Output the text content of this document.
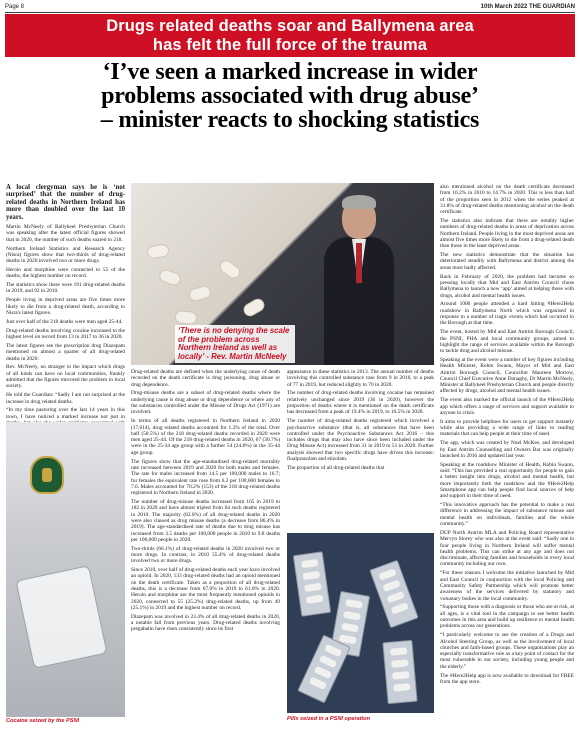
Page 8	10th March 2022 THE GUARDIAN
Drugs related deaths soar and Ballymena area
has felt the full force of the trauma
‘I’ve seen a marked increase in wider
problems associated with drug abuse’
– minister reacts to shocking statistics

A local clergyman says he is ‘not surprised’ that the number of drug-related deaths in Northern Ireland has more than doubled over the last 10 years.

Martin McNeely of Ballykeel Presbyterian Church was speaking after the latest official figures showed that in 2020, the number of such deaths soared to 218.

Northern Ireland Statistics and Research Agency (Nisra) figures show that two-thirds of drug-related deaths in 2020 involved two or more drugs.

Heroin and morphine were connected to 55 of the deaths, the highest number on record.

The statistics show there were 191 drug-related deaths in 2019, and 92 in 2010.

People living in deprived areas are five times more likely to die from a drug-related death, according to Nisra's latest figures.

Just over half of the 218 deaths were men aged 25-44.

Drug-related deaths involving cocaine increased to the highest level on record from 13 in 2017 to 36 in 2020.

The latest figures see the prescription drug Diazepam mentioned on almost a quarter of all drug-related deaths in 2020.

Rev. McNeely, no stranger to the impact which drugs of all kinds can have on local communities, frankly admitted that the figures mirrored the problem in local society.

He told the Guardian: “Sadly I am not surprised at the increase in drug related deaths.

“In my time pastoring over the last 14 years in this town, I have noticed a marked increase not just in

‘There is no denying the scale of the problem across Northern Ireland as well as locally’ - Rev. Martin McNeely

Drug-related deaths are defined when the underlying cause of death recorded on the death certificate is drug poisoning, drug abuse or drug dependence.

Drug-misuse deaths are a subset of drug-related deaths where the underlying cause is drug abuse or drug dependence or where any of the substances controlled under the Misuse of Drugs Act (1971) are involved.

In terms of all deaths registered in Northern Ireland in 2020 (17,614), drug related deaths accounted for 1.2% of the total. Over half (58.5%) of the 218 drug-related deaths recorded in 2020 were men aged 25-44. Of the 218 drug-related deaths in 2020, 67 (30.7%) were in the 25-34 age group with a further 54 (24.8%) in the 35-44 age group.

The figures show that the age-standardised drug-related mortality rate increased between 2019 and 2020 for both males and females. The rate for males increased from 14.5 per 100,000 males to 16.7; for females the equivalent rate rose from 6.2 per 100,000 females to 7.6. Males accounted for 70.2% (153) of the 218 drug-related deaths registered in Northern Ireland in 2020.

The number of drug-misuse deaths increased from 165 in 2019 to 182 in 2020 and have almost tripled from 64 such deaths registered in 2010. The majority (82.6%) of all drug-related deaths in 2020 were also classed as drug misuse deaths (a decrease from 86.4% in 2019). The age-standardised rate of deaths due to drug misuse has increased from 3.5 deaths per 100,000 people in 2010 to 9.8 deaths per 100,000 people in 2020.

Two-thirds (66.1%) of drug-related deaths in 2020 involved two or more drugs. In contrast, in 2010 55.4% of drug-related deaths involved two or more drugs.

Since 2010, over half of drug-related deaths each year have involved an opioid. In 2020, 133 drug-related deaths had an opioid mentioned on the death certificate. Taken as a proportion of all drug-related deaths, this is a decrease from 67.0% in 2019 to 61.0% in 2020. Heroin and morphine are the most frequently mentioned opioids in 2020, connected to 55 (25.2%) drug-related deaths, up from 49 (25.1%) in 2019 and the highest number on record.

Diazepam was involved in 23.4% of all drug-related deaths in 2020, a notable fall from previous years. Drug-related deaths involving pregabalin have risen consistently since its first

appearance in these statistics in 2013. The annual number of deaths involving this controlled substance rose from 9 in 2016, to a peak of 77 in 2019, but reduced slightly to 70 in 2020.

The number of drug-related deaths involving cocaine has remained relatively unchanged since 2019 (36 in 2020), however the proportion of deaths where it is mentioned on the death certificate has decreased from a peak of 19.4% in 2019, to 16.5% in 2020.

The number of drug-related deaths registered which involved a psychoactive substance (that is, all substances that have been controlled under the Psychoactive Substances Act 2016 – this includes drugs that may also have since been included under the Drug Misuse Act) increased from 31 in 2019 to 51 in 2020. Further analysis showed that two specific drugs have driven this increase: flualprazolam and etizolam.

The proportion of all drug-related deaths that

Pills seized in a PSNI operation
Cocaine seized by the PSNI

also mentioned alcohol on the death certificate decreased from 16.2% in 2010 to 14.7% in 2020. This is less than half of the proportion seen in 2012 when the series peaked at 31.8% of drug-related deaths mentioning alcohol on the death certificate.

The statistics also indicate that there are notably higher numbers of drug-related deaths in areas of deprivation across Northern Ireland. People living in the most deprived areas are almost five times more likely to die from a drug-related death than those in the least deprived areas.

The new statistics demonstrate that the situation has deteriorated steadily with Ballymena and district among the areas most badly affected.

Back in February of 2020, the problem had become so pressing locally that Mid and East Antrim Council chose Ballymena to launch a new ‘app’ aimed at helping those with drugs, alcohol and mental health issues.

Around 1000 people attended a hard hitting #Here2Help roadshow in Ballymena North which was organised in response to a number of tragic events which had occurred in the Borough at that time.

The event, hosted by Mid and East Antrim Borough Council, the PSNI, PHA and local community groups, aimed to highlight the range of services available within the Borough to tackle drug and alcohol misuse.

Speaking at the event were a number of key figures including Health Minister, Robin Swann, Mayor of Mid and East Antrim Borough Council, Councillor Maureen Morrow, Council Chief Executive Anne Donaghy, Dr Martin McNeely, Minister at Ballykeel Presbyterian Church and people directly affected by drugs, alcohol and mental health issues.

The event also marked the official launch of the #Here2Help app which offers a range of services and support available to anyone in crisis.

It aims to provide helplines for users to get support instantly while also providing a wide range of links to reading materials that can help people at their time of need.

The app, which was created by Noel McKee, and developed by East Antrim Counselling and Owners Bar was originally launched in 2016 and updated last year.

Speaking at the roadshow Minister of Health, Robin Swann, said: “This has provided a real opportunity for people to gain a better insight into drugs, alcohol and mental health, but more importantly both the roadshow and the #Here2Help Smartphone app can help people find local sources of help and support in their time of need.

“This innovative approach has the potential to make a real difference in addressing the impact of substance misuse and mental health on individuals, families and the whole community.”

DUP North Antrim MLA and Policing Board representative Mervyn Storey who was also at the event said: “Sadly one in four people living in Northern Ireland will suffer mental health problems. This can strike at any age and does not discriminate, affecting families and households in every local community including our own.

“For these reasons I welcome the initiative launched by Mid and East Council in conjunction with the local Policing and Community Safety Partnership which will promote better awareness of the services delivered by statutory and voluntary bodies in the local community.

“Supporting those with a diagnosis or those who are at risk, at all ages, is a vital tool in the campaign to see better health outcomes in this area and build up resilience to mental health problems across our generations.

“I particularly welcome to see the creation of a Drugs and Alcohol Steering Group, as well as the involvement of local churches and faith-based groups. These organisations play an especially transformative role as a key point of contact for the most vulnerable in our society, including young people and the elderly.”

The #Here2Help app is now available to download for FREE from the app store.
